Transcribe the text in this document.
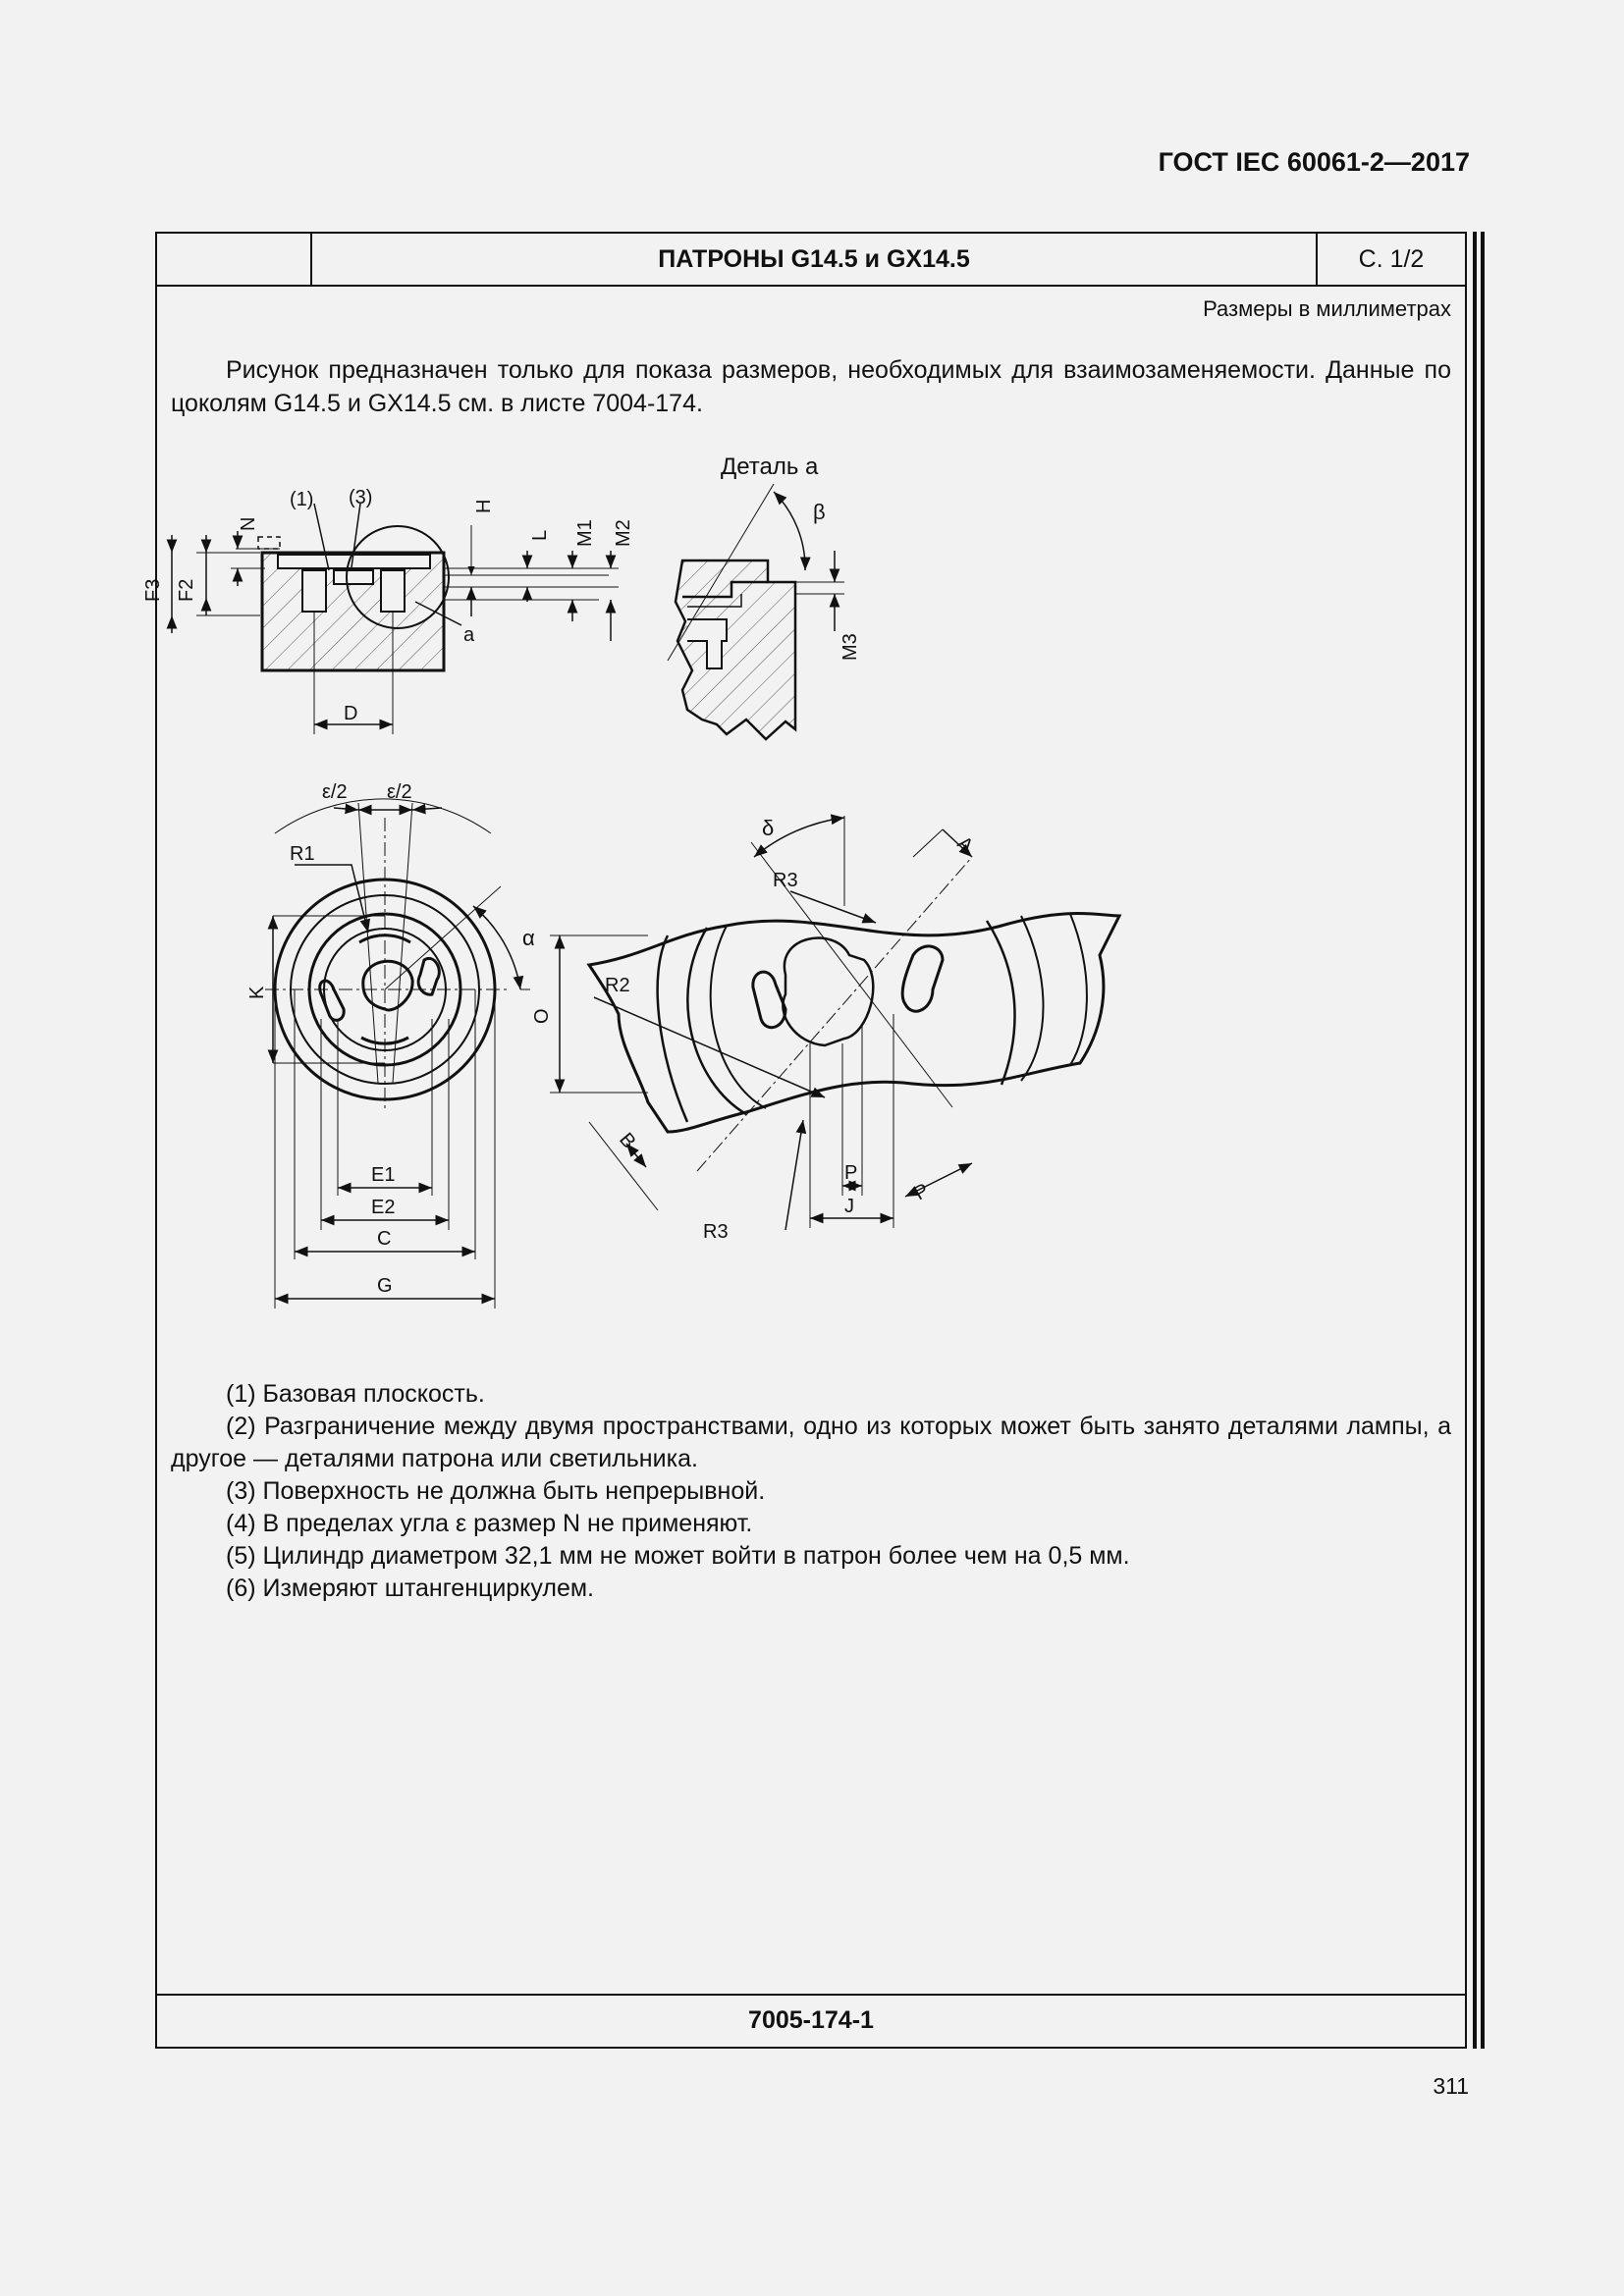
ГОСТ IEC 60061-2—2017
ПАТРОНЫ G14.5 и GX14.5	С. 1/2
Размеры в миллиметрах

Рисунок предназначен только для показа размеров, необходимых для взаимозаменяемости. Данные по цоколям G14.5 и GX14.5 см. в листе 7004-174.

(1) (3)
N
H
L M1 M2
F2
F3
а
D
Деталь а
β
M3
ε/2 ε/2
R1
K
α
E1
E2
C
G
δ
A
R3
R2
O
B
R3
P
J
P

(1) Базовая плоскость.

(2) Разграничение между двумя пространствами, одно из которых может быть занято деталями лампы, а другое — деталями патрона или светильника.

(3) Поверхность не должна быть непрерывной.

(4) В пределах угла ε размер N не применяют.

(5) Цилиндр диаметром 32,1 мм не может войти в патрон более чем на 0,5 мм.

(6) Измеряют штангенциркулем.

7005-174-1
311
